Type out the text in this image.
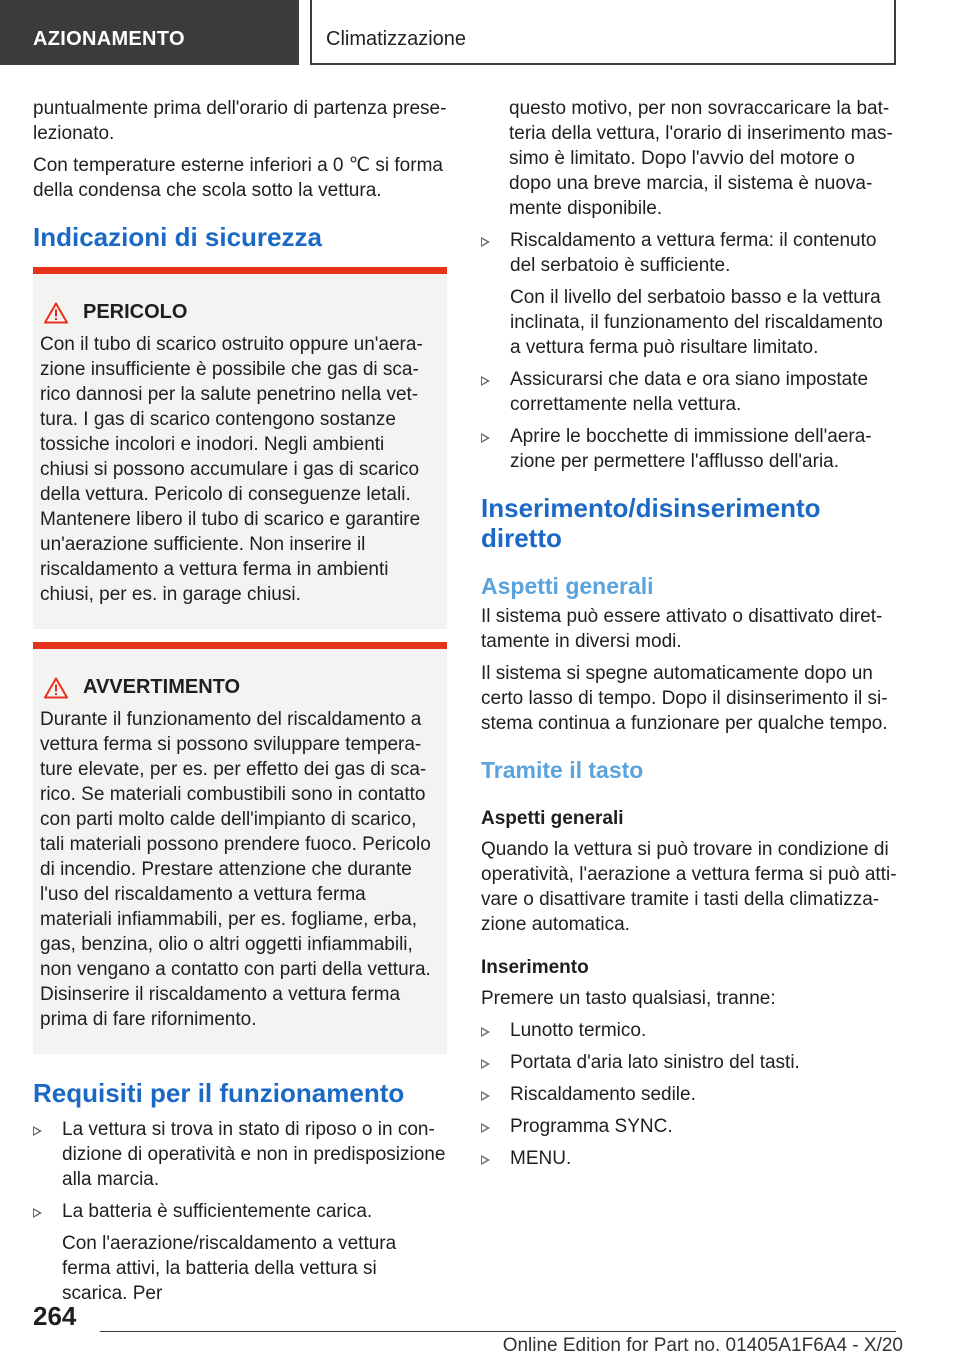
AZIONAMENTO	Climatizzazione

puntualmente prima dell'orario di partenza preselezionato.

Con temperature esterne inferiori a 0 ℃ si forma della condensa che scola sotto la vettura.

Indicazioni di sicurezza
PERICOLO
Con il tubo di scarico ostruito oppure un'aerazione insufficiente è possibile che gas di scarico dannosi per la salute penetrino nella vettura. I gas di scarico contengono sostanze tossiche incolori e inodori. Negli ambienti chiusi si possono accumulare i gas di scarico della vettura. Pericolo di conseguenze letali. Mantenere libero il tubo di scarico e garantire un'aerazione sufficiente. Non inserire il riscaldamento a vettura ferma in ambienti chiusi, per es. in garage chiusi.
AVVERTIMENTO
Durante il funzionamento del riscaldamento a vettura ferma si possono sviluppare temperature elevate, per es. per effetto dei gas di scarico. Se materiali combustibili sono in contatto con parti molto calde dell'impianto di scarico, tali materiali possono prendere fuoco. Pericolo di incendio. Prestare attenzione che durante l'uso del riscaldamento a vettura ferma materiali infiammabili, per es. fogliame, erba, gas, benzina, olio o altri oggetti infiammabili, non vengano a contatto con parti della vettura. Disinserire il riscaldamento a vettura ferma prima di fare rifornimento.
Requisiti per il funzionamento
La vettura si trova in stato di riposo o in condizione di operatività e non in predisposizione alla marcia.
La batteria è sufficientemente carica.
Con l'aerazione/riscaldamento a vettura ferma attivi, la batteria della vettura si scarica. Per

questo motivo, per non sovraccaricare la batteria della vettura, l'orario di inserimento massimo è limitato. Dopo l'avvio del motore o dopo una breve marcia, il sistema è nuovamente disponibile.

Riscaldamento a vettura ferma: il contenuto del serbatoio è sufficiente.
Con il livello del serbatoio basso e la vettura inclinata, il funzionamento del riscaldamento a vettura ferma può risultare limitato.
Assicurarsi che data e ora siano impostate correttamente nella vettura.
Aprire le bocchette di immissione dell'aerazione per permettere l'afflusso dell'aria.
Inserimento/disinserimento diretto
Aspetti generali

Il sistema può essere attivato o disattivato direttamente in diversi modi.

Il sistema si spegne automaticamente dopo un certo lasso di tempo. Dopo il disinserimento il sistema continua a funzionare per qualche tempo.

Tramite il tasto
Aspetti generali

Quando la vettura si può trovare in condizione di operatività, l'aerazione a vettura ferma si può attivare o disattivare tramite i tasti della climatizzazione automatica.

Inserimento

Premere un tasto qualsiasi, tranne:

Lunotto termico.
Portata d'aria lato sinistro del tasti.
Riscaldamento sedile.
Programma SYNC.
MENU.
264
Online Edition for Part no. 01405A1F6A4 - X/20
